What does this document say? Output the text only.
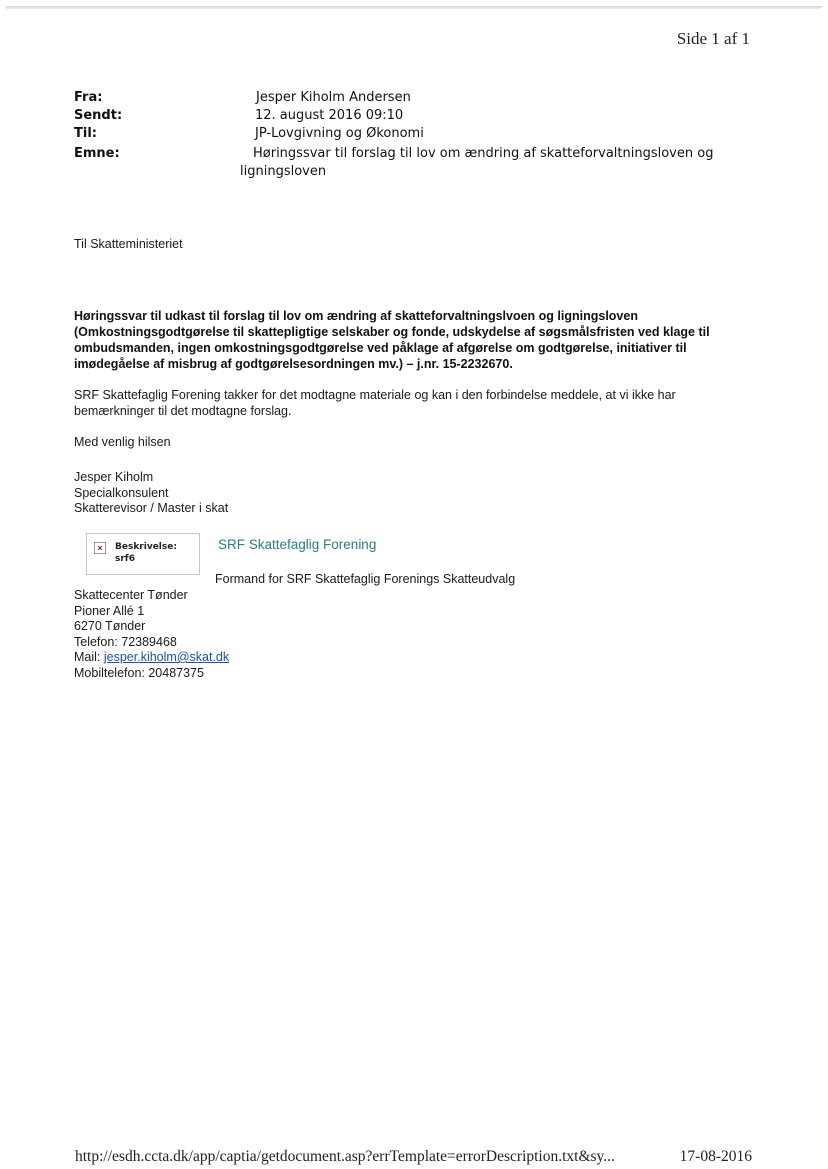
Side 1 af 1
Fra:	Jesper Kiholm Andersen
Sendt:	12. august 2016 09:10
Til:	JP-Lovgivning og Økonomi
Emne:	Høringssvar til forslag til lov om ændring af skatteforvaltningsloven og
ligningsloven
Til Skatteministeriet
Høringssvar til udkast til forslag til lov om ændring af skatteforvaltningslvoen og ligningsloven (Omkostningsgodtgørelse til skattepligtige selskaber og fonde, udskydelse af søgsmålsfristen ved klage til ombudsmanden, ingen omkostningsgodtgørelse ved påklage af afgørelse om godtgørelse, initiativer til imødegåelse af misbrug af godtgørelsesordningen mv.) – j.nr. 15-2232670.
SRF Skattefaglig Forening takker for det modtagne materiale og kan i den forbindelse meddele, at vi ikke har bemærkninger til det modtagne forslag.
Med venlig hilsen
Jesper Kiholm
Specialkonsulent
Skatterevisor / Master i skat
×	Beskrivelse:
srf6
SRF Skattefaglig Forening
Formand for SRF Skattefaglig Forenings Skatteudvalg
Skattecenter Tønder
Pioner Allé 1
6270 Tønder
Telefon: 72389468
Mail: jesper.kiholm@skat.dk
Mobiltelefon: 20487375
http://esdh.ccta.dk/app/captia/getdocument.asp?errTemplate=errorDescription.txt&sy...	17-08-2016
